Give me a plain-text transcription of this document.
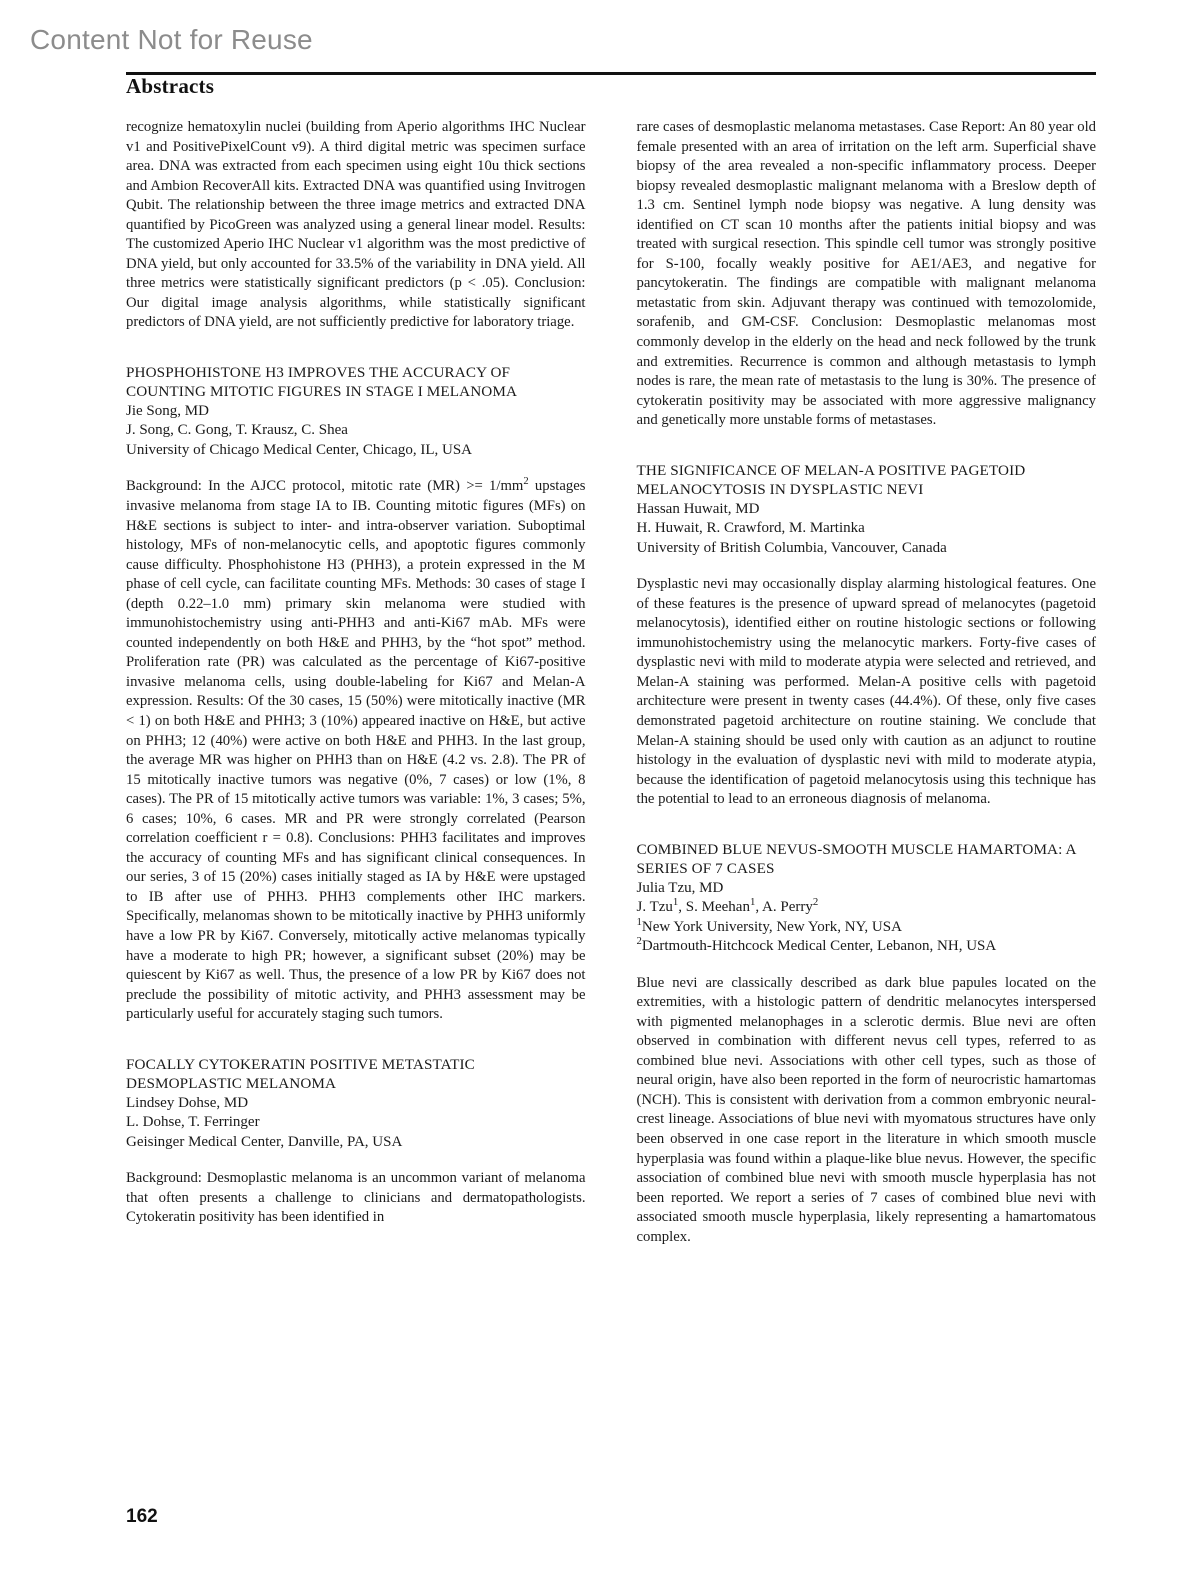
Content Not for Reuse
Abstracts

recognize hematoxylin nuclei (building from Aperio algorithms IHC Nuclear v1 and PositivePixelCount v9). A third digital metric was specimen surface area. DNA was extracted from each specimen using eight 10u thick sections and Ambion RecoverAll kits. Extracted DNA was quantified using Invitrogen Qubit. The relationship between the three image metrics and extracted DNA quantified by PicoGreen was analyzed using a general linear model. Results: The customized Aperio IHC Nuclear v1 algorithm was the most predictive of DNA yield, but only accounted for 33.5% of the variability in DNA yield. All three metrics were statistically significant predictors (p < .05). Conclusion: Our digital image analysis algorithms, while statistically significant predictors of DNA yield, are not sufficiently predictive for laboratory triage.

PHOSPHOHISTONE H3 IMPROVES THE ACCURACY OF COUNTING MITOTIC FIGURES IN STAGE I MELANOMA

Jie Song, MD

J. Song, C. Gong, T. Krausz, C. Shea

University of Chicago Medical Center, Chicago, IL, USA

Background: In the AJCC protocol, mitotic rate $(MR) >= 1/mm^2$ upstages invasive melanoma from stage IA to IB. Counting mitotic figures (MFs) on H&E sections is subject to inter- and intra-observer variation. Suboptimal histology, MFs of non-melanocytic cells, and apoptotic figures commonly cause difficulty. Phosphohistone H3 (PHH3), a protein expressed in the M phase of cell cycle, can facilitate counting MFs. Methods: 30 cases of stage I (depth 0.22–1.0 mm) primary skin melanoma were studied with immunohistochemistry using anti-PHH3 and anti-Ki67 mAb. MFs were counted independently on both H&E and PHH3, by the “hot spot” method. Proliferation rate (PR) was calculated as the percentage of Ki67-positive invasive melanoma cells, using double-labeling for Ki67 and Melan-A expression. Results: Of the 30 cases, 15 (50%) were mitotically inactive (MR < 1) on both H&E and PHH3; 3 (10%) appeared inactive on H&E, but active on PHH3; 12 (40%) were active on both H&E and PHH3. In the last group, the average MR was higher on PHH3 than on H&E (4.2 vs. 2.8). The PR of 15 mitotically inactive tumors was negative (0%, 7 cases) or low (1%, 8 cases). The PR of 15 mitotically active tumors was variable: 1%, 3 cases; 5%, 6 cases; 10%, 6 cases. MR and PR were strongly correlated (Pearson correlation coefficient r = 0.8). Conclusions: PHH3 facilitates and improves the accuracy of counting MFs and has significant clinical consequences. In our series, 3 of 15 (20%) cases initially staged as IA by H&E were upstaged to IB after use of PHH3. PHH3 complements other IHC markers. Specifically, melanomas shown to be mitotically inactive by PHH3 uniformly have a low PR by Ki67. Conversely, mitotically active melanomas typically have a moderate to high PR; however, a significant subset (20%) may be quiescent by Ki67 as well. Thus, the presence of a low PR by Ki67 does not preclude the possibility of mitotic activity, and PHH3 assessment may be particularly useful for accurately staging such tumors.

FOCALLY CYTOKERATIN POSITIVE METASTATIC DESMOPLASTIC MELANOMA

Lindsey Dohse, MD

L. Dohse, T. Ferringer

Geisinger Medical Center, Danville, PA, USA

Background: Desmoplastic melanoma is an uncommon variant of melanoma that often presents a challenge to clinicians and dermatopathologists. Cytokeratin positivity has been identified in

rare cases of desmoplastic melanoma metastases. Case Report: An 80 year old female presented with an area of irritation on the left arm. Superficial shave biopsy of the area revealed a non-specific inflammatory process. Deeper biopsy revealed desmoplastic malignant melanoma with a Breslow depth of 1.3 cm. Sentinel lymph node biopsy was negative. A lung density was identified on CT scan 10 months after the patients initial biopsy and was treated with surgical resection. This spindle cell tumor was strongly positive for S-100, focally weakly positive for AE1/AE3, and negative for pancytokeratin. The findings are compatible with malignant melanoma metastatic from skin. Adjuvant therapy was continued with temozolomide, sorafenib, and GM-CSF. Conclusion: Desmoplastic melanomas most commonly develop in the elderly on the head and neck followed by the trunk and extremities. Recurrence is common and although metastasis to lymph nodes is rare, the mean rate of metastasis to the lung is 30%. The presence of cytokeratin positivity may be associated with more aggressive malignancy and genetically more unstable forms of metastases.

THE SIGNIFICANCE OF MELAN-A POSITIVE PAGETOID MELANOCYTOSIS IN DYSPLASTIC NEVI

Hassan Huwait, MD

H. Huwait, R. Crawford, M. Martinka

University of British Columbia, Vancouver, Canada

Dysplastic nevi may occasionally display alarming histological features. One of these features is the presence of upward spread of melanocytes (pagetoid melanocytosis), identified either on routine histologic sections or following immunohistochemistry using the melanocytic markers. Forty-five cases of dysplastic nevi with mild to moderate atypia were selected and retrieved, and Melan-A staining was performed. Melan-A positive cells with pagetoid architecture were present in twenty cases (44.4%). Of these, only five cases demonstrated pagetoid architecture on routine staining. We conclude that Melan-A staining should be used only with caution as an adjunct to routine histology in the evaluation of dysplastic nevi with mild to moderate atypia, because the identification of pagetoid melanocytosis using this technique has the potential to lead to an erroneous diagnosis of melanoma.

COMBINED BLUE NEVUS-SMOOTH MUSCLE HAMARTOMA: A SERIES OF 7 CASES

Julia Tzu, MD

J. Tzu$^1$, S. Meehan$^1$, A. Perry$^2$

$^1$New York University, New York, NY, USA

$^2$Dartmouth-Hitchcock Medical Center, Lebanon, NH, USA

Blue nevi are classically described as dark blue papules located on the extremities, with a histologic pattern of dendritic melanocytes interspersed with pigmented melanophages in a sclerotic dermis. Blue nevi are often observed in combination with different nevus cell types, referred to as combined blue nevi. Associations with other cell types, such as those of neural origin, have also been reported in the form of neurocristic hamartomas (NCH). This is consistent with derivation from a common embryonic neural-crest lineage. Associations of blue nevi with myomatous structures have only been observed in one case report in the literature in which smooth muscle hyperplasia was found within a plaque-like blue nevus. However, the specific association of combined blue nevi with smooth muscle hyperplasia has not been reported. We report a series of 7 cases of combined blue nevi with associated smooth muscle hyperplasia, likely representing a hamartomatous complex.

162
